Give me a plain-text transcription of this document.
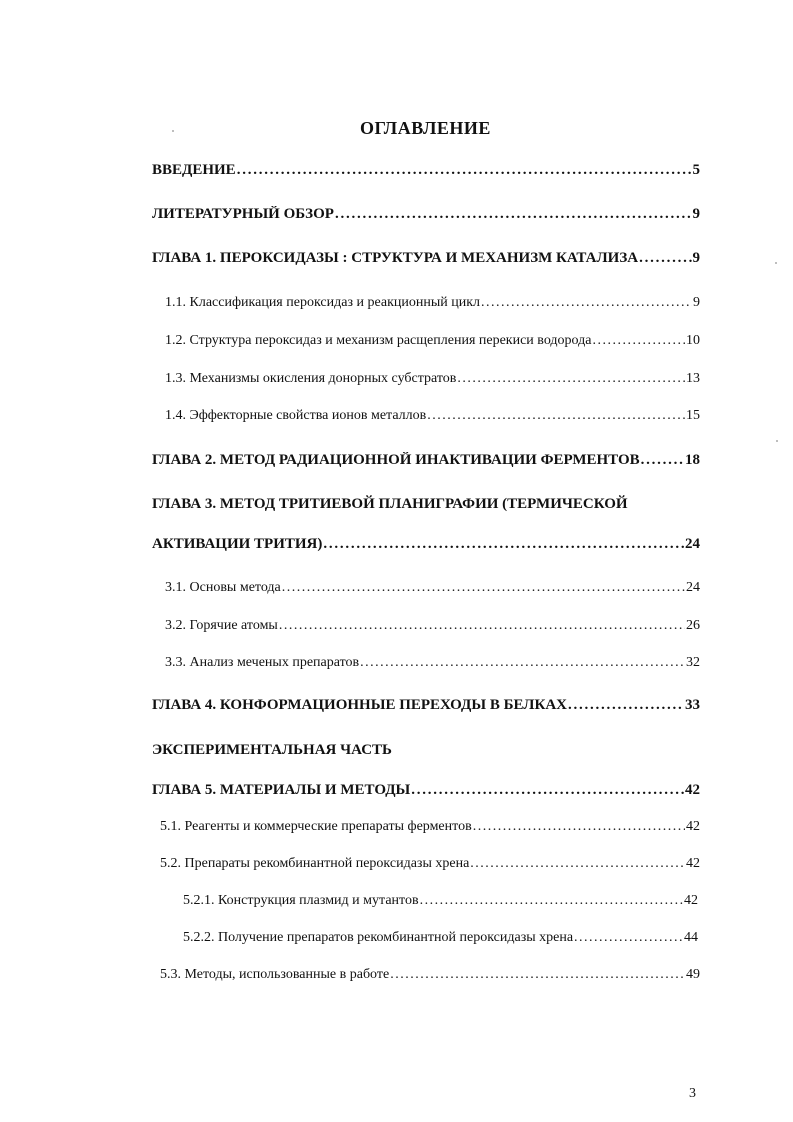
ОГЛАВЛЕНИЕ
ВВЕДЕНИЕ . . .	5
ЛИТЕРАТУРНЫЙ ОБЗОР . . .	9
ГЛАВА 1. ПЕРОКСИДАЗЫ : СТРУКТУРА И МЕХАНИЗМ КАТАЛИЗА . . .	9
1.1. Классификация пероксидаз и реакционный цикл . . .	9
1.2. Структура пероксидаз и механизм расщепления перекиси водорода . . .	10
1.3. Механизмы окисления донорных субстратов . . .	13
1.4. Эффекторные свойства ионов металлов . . .	15
ГЛАВА 2. МЕТОД РАДИАЦИОННОЙ ИНАКТИВАЦИИ ФЕРМЕНТОВ . . .	18
ГЛАВА 3. МЕТОД ТРИТИЕВОЙ ПЛАНИГРАФИИ (ТЕРМИЧЕСКОЙ
АКТИВАЦИИ ТРИТИЯ) . . .	24
3.1. Основы метода . . .	24
3.2. Горячие атомы . . .	26
3.3. Анализ меченых препаратов . . .	32
ГЛАВА 4. КОНФОРМАЦИОННЫЕ ПЕРЕХОДЫ В БЕЛКАХ . . .	33
ЭКСПЕРИМЕНТАЛЬНАЯ ЧАСТЬ
ГЛАВА 5. МАТЕРИАЛЫ И МЕТОДЫ . . .	42
5.1. Реагенты и коммерческие препараты ферментов . . .	42
5.2. Препараты рекомбинантной пероксидазы хрена . . .	42
5.2.1. Конструкция плазмид и мутантов . . .	42
5.2.2. Получение препаратов рекомбинантной пероксидазы хрена . . .	44
5.3. Методы, использованные в работе . . .	49
3
